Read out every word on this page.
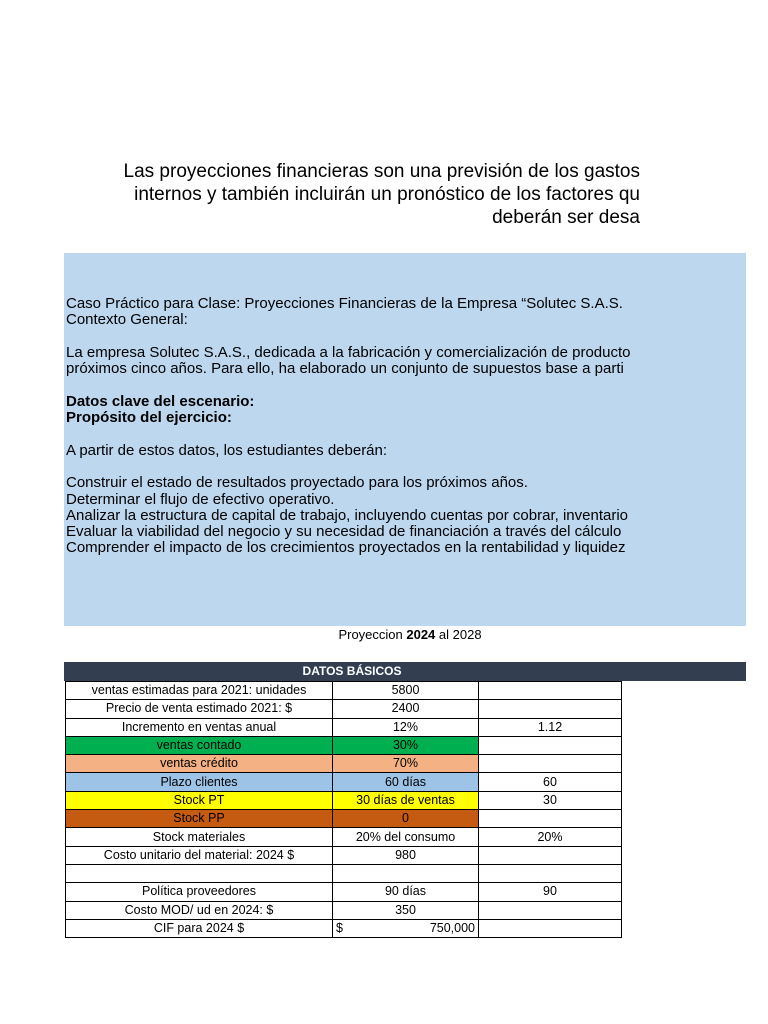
Las proyecciones financieras son una previsión de los gastos
internos y también incluirán un pronóstico de los factores qu
deberán ser desa
Caso Práctico para Clase: Proyecciones Financieras de la Empresa “Solutec S.A.S.
Contexto General:
La empresa Solutec S.A.S., dedicada a la fabricación y comercialización de producto
próximos cinco años. Para ello, ha elaborado un conjunto de supuestos base a parti
Datos clave del escenario:
Propósito del ejercicio:
A partir de estos datos, los estudiantes deberán:
Construir el estado de resultados proyectado para los próximos años.
Determinar el flujo de efectivo operativo.
Analizar la estructura de capital de trabajo, incluyendo cuentas por cobrar, inventario
Evaluar la viabilidad del negocio y su necesidad de financiación a través del cálculo
Comprender el impacto de los crecimientos proyectados en la rentabilidad y liquidez
Proyeccion 2024 al 2028
DATOS BÁSICOS
ventas estimadas para 2021: unidades	5800	
Precio de venta estimado 2021: $	2400	
Incremento en ventas anual	12%	1.12
ventas contado	30%	
ventas crédito	70%	
Plazo clientes	60 días	60
Stock PT	30 días de ventas	30
Stock PP	0	
Stock materiales	20% del consumo	20%
Costo unitario del material: 2024 $	980	

Política proveedores	90 días	90
Costo MOD/ ud en 2024: $	350	
CIF para 2024 $	$ 750,000	
